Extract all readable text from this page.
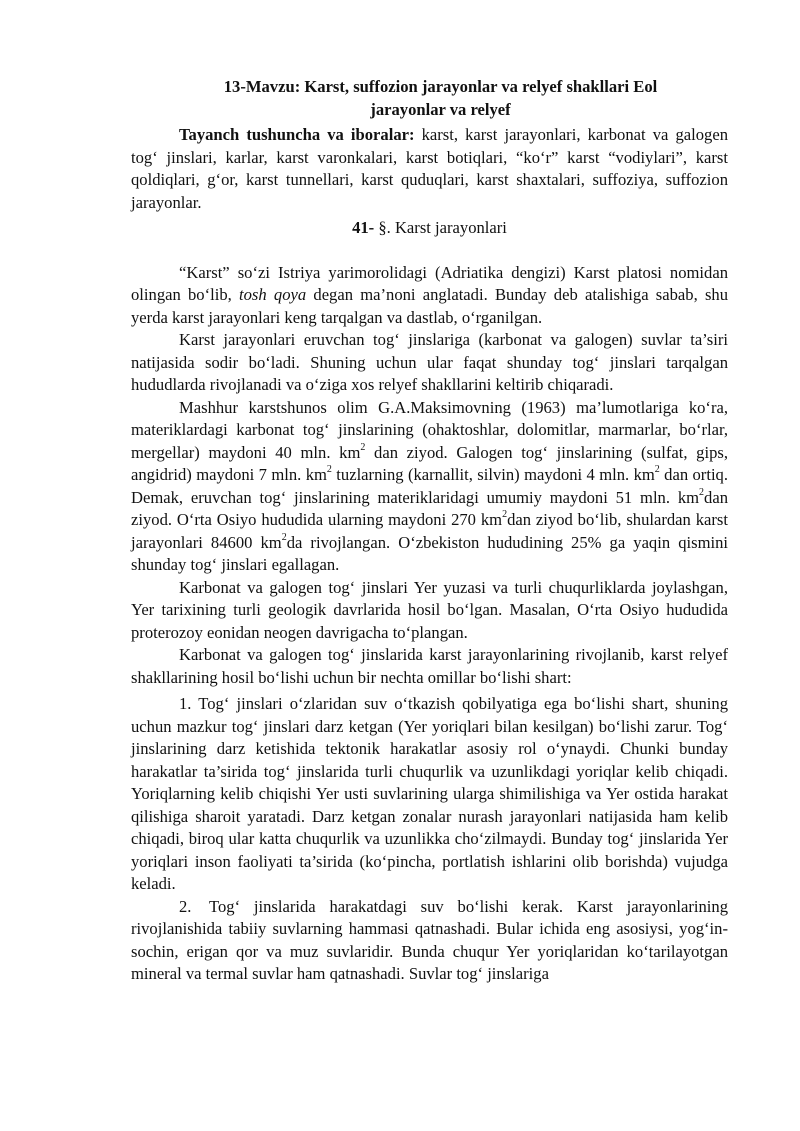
13-Mavzu: Karst, suffozion jarayonlar va relyef shakllari Eol
jarayonlar va relyef

Tayanch tushuncha va iboralar: karst, karst jarayonlari, karbonat va galogen tog‘ jinslari, karlar, karst varonkalari, karst botiqlari, “ko‘r” karst “vodiylari”, karst qoldiqlari, g‘or, karst tunnellari, karst quduqlari, karst shaxtalari, suffoziya, suffozion jarayonlar.

41- §. Karst jarayonlari

“Karst” so‘zi Istriya yarimorolidagi (Adriatika dengizi) Karst platosi nomidan olingan bo‘lib, tosh qoya degan ma’noni anglatadi. Bunday deb atalishiga sabab, shu yerda karst jarayonlari keng tarqalgan va dastlab, o‘rganilgan.

Karst jarayonlari eruvchan tog‘ jinslariga (karbonat va galogen) suvlar ta’siri natijasida sodir bo‘ladi. Shuning uchun ular faqat shunday tog‘ jinslari tarqalgan hududlarda rivojlanadi va o‘ziga xos relyef shakllarini keltirib chiqaradi.

Mashhur karstshunos olim G.A.Maksimovning (1963) ma’lumotlariga ko‘ra, materiklardagi karbonat tog‘ jinslarining (ohaktoshlar, dolomitlar, marmarlar, bo‘rlar, mergellar) maydoni 40 mln. $km^2$ dan ziyod. Galogen tog‘ jinslarining (sulfat, gips, angidrid) maydoni 7 mln. $km^2$ tuzlarning (karnallit, silvin) maydoni 4 mln. $km^2$ dan ortiq. Demak, eruvchan tog‘ jinslarining materiklaridagi umumiy maydoni 51 mln. $km^2dan$ ziyod. O‘rta Osiyo hududida ularning maydoni 270 $km^2dan$ ziyod bo‘lib, shulardan karst jarayonlari 84600 $km^2da$ rivojlangan. O‘zbekiston hududining 25% ga yaqin qismini shunday tog‘ jinslari egallagan.

Karbonat va galogen tog‘ jinslari Yer yuzasi va turli chuqurliklarda joylashgan, Yer tarixining turli geologik davrlarida hosil bo‘lgan. Masalan, O‘rta Osiyo hududida proterozoy eonidan neogen davrigacha to‘plangan.

Karbonat va galogen tog‘ jinslarida karst jarayonlarining rivojlanib, karst relyef shakllarining hosil bo‘lishi uchun bir nechta omillar bo‘lishi shart:

1. Tog‘ jinslari o‘zlaridan suv o‘tkazish qobilyatiga ega bo‘lishi shart, shuning uchun mazkur tog‘ jinslari darz ketgan (Yer yoriqlari bilan kesilgan) bo‘lishi zarur. Tog‘ jinslarining darz ketishida tektonik harakatlar asosiy rol o‘ynaydi. Chunki bunday harakatlar ta’sirida tog‘ jinslarida turli chuqurlik va uzunlikdagi yoriqlar kelib chiqadi. Yoriqlarning kelib chiqishi Yer usti suvlarining ularga shimilishiga va Yer ostida harakat qilishiga sharoit yaratadi. Darz ketgan zonalar nurash jarayonlari natijasida ham kelib chiqadi, biroq ular katta chuqurlik va uzunlikka cho‘zilmaydi. Bunday tog‘ jinslarida Yer yoriqlari inson faoliyati ta’sirida (ko‘pincha, portlatish ishlarini olib borishda) vujudga keladi.

2. Tog‘ jinslarida harakatdagi suv bo‘lishi kerak. Karst jarayonlarining rivojlanishida tabiiy suvlarning hammasi qatnashadi. Bular ichida eng asosiysi, yog‘in-sochin, erigan qor va muz suvlaridir. Bunda chuqur Yer yoriqlaridan ko‘tarilayotgan mineral va termal suvlar ham qatnashadi. Suvlar tog‘ jinslariga
